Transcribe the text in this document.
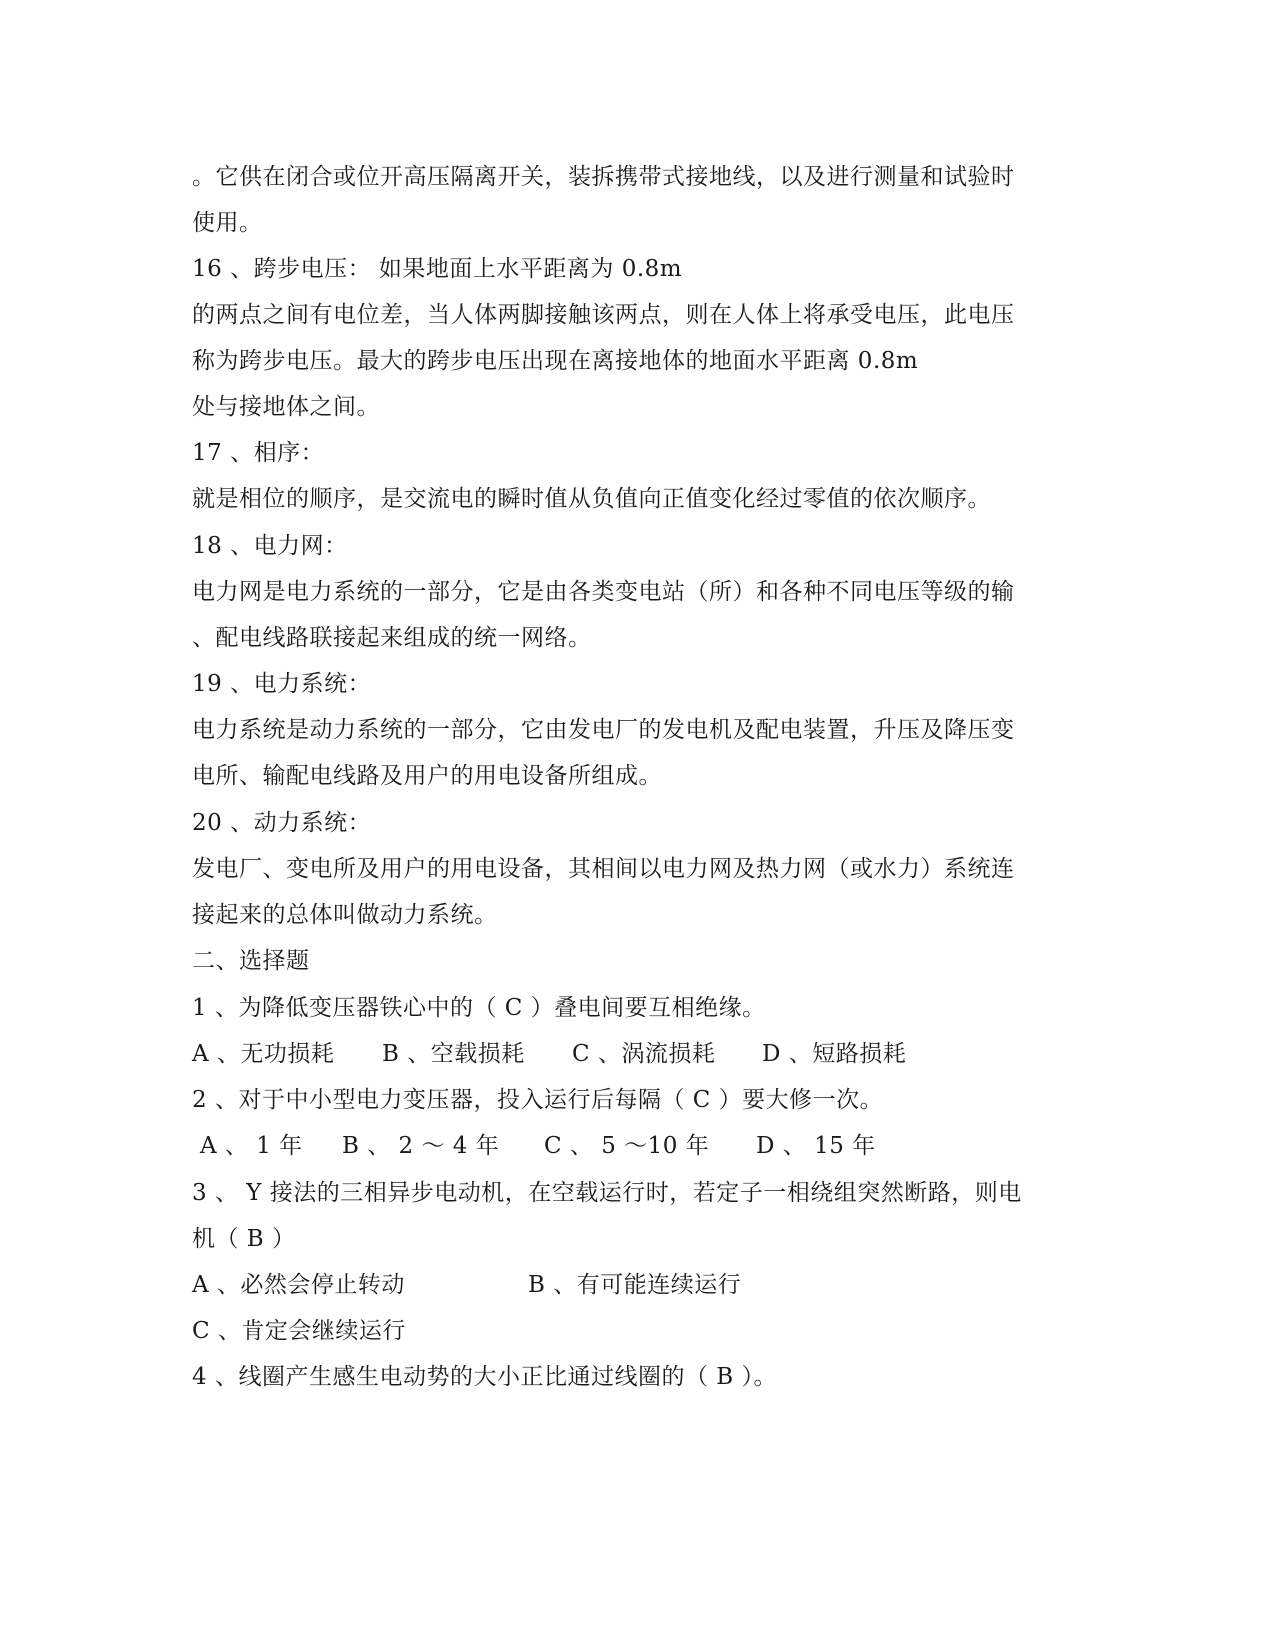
。它供在闭合或位开高压隔离开关，装拆携带式接地线，以及进行测量和试验时
使用。
16 、跨步电压： 如果地面上水平距离为 0.8m
的两点之间有电位差，当人体两脚接触该两点，则在人体上将承受电压，此电压
称为跨步电压。最大的跨步电压出现在离接地体的地面水平距离 0.8m
处与接地体之间。
17 、相序：
就是相位的顺序，是交流电的瞬时值从负值向正值变化经过零值的依次顺序。
18 、电力网：
电力网是电力系统的一部分，它是由各类变电站（所）和各种不同电压等级的输
、配电线路联接起来组成的统一网络。
19 、电力系统：
电力系统是动力系统的一部分，它由发电厂的发电机及配电装置，升压及降压变
电所、输配电线路及用户的用电设备所组成。
20 、动力系统：
发电厂、变电所及用户的用电设备，其相间以电力网及热力网（或水力）系统连
接起来的总体叫做动力系统。
二、选择题
1 、为降低变压器铁心中的（ C ）叠电间要互相绝缘。
A 、无功损耗 B 、空载损耗 C 、涡流损耗 D 、短路损耗
2 、对于中小型电力变压器，投入运行后每隔（ C ）要大修一次。
A 、 1 年 B 、 2 ～ 4 年 C 、 5 ～10 年 D 、 15 年
3 、 Y 接法的三相异步电动机，在空载运行时，若定子一相绕组突然断路，则电
机（ B ）
A 、必然会停止转动	B 、有可能连续运行
C 、肯定会继续运行
4 、线圈产生感生电动势的大小正比通过线圈的（ B ）。
